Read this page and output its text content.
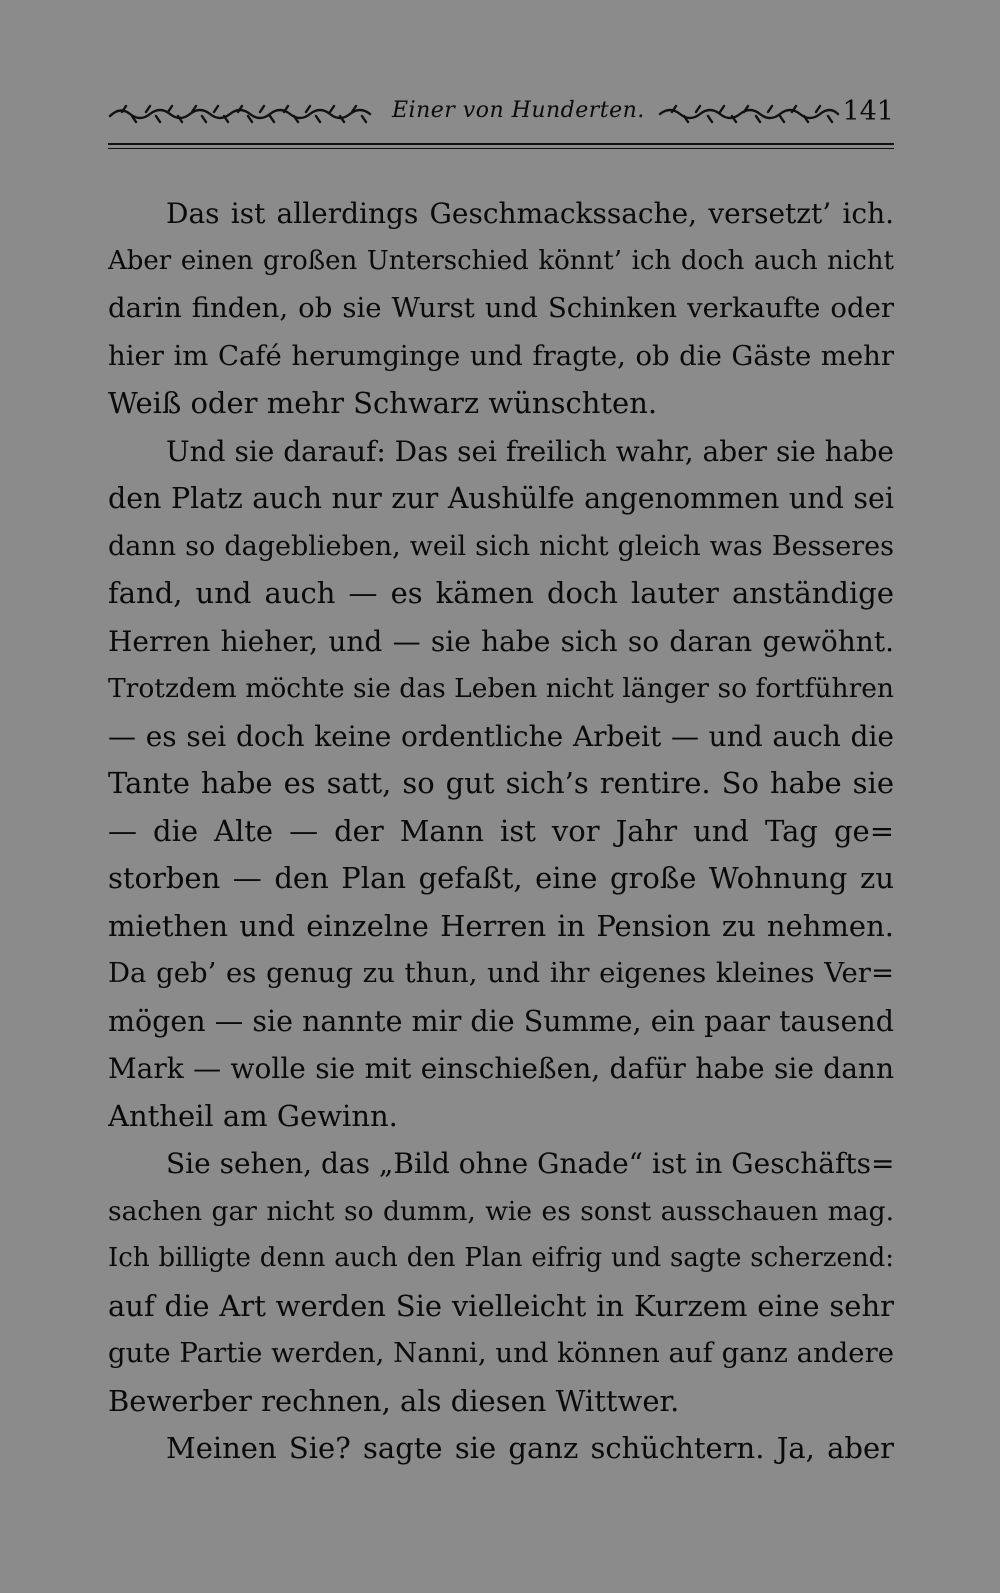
Einer von Hunderten.	141
Das ist allerdings Geschmackssache, versetzt’ ich.
Aber einen großen Unterschied könnt’ ich doch auch nicht
darin finden, ob sie Wurst und Schinken verkaufte oder
hier im Café herumginge und fragte, ob die Gäste mehr
Weiß oder mehr Schwarz wünschten.
Und sie darauf: Das sei freilich wahr, aber sie habe
den Platz auch nur zur Aushülfe angenommen und sei
dann so dageblieben, weil sich nicht gleich was Besseres
fand, und auch — es kämen doch lauter anständige
Herren hieher, und — sie habe sich so daran gewöhnt.
Trotzdem möchte sie das Leben nicht länger so fortführen
— es sei doch keine ordentliche Arbeit — und auch die
Tante habe es satt, so gut sich’s rentire. So habe sie
— die Alte — der Mann ist vor Jahr und Tag ge=
storben — den Plan gefaßt, eine große Wohnung zu
miethen und einzelne Herren in Pension zu nehmen.
Da geb’ es genug zu thun, und ihr eigenes kleines Ver=
mögen — sie nannte mir die Summe, ein paar tausend
Mark — wolle sie mit einschießen, dafür habe sie dann
Antheil am Gewinn.
Sie sehen, das „Bild ohne Gnade“ ist in Geschäfts=
sachen gar nicht so dumm, wie es sonst ausschauen mag.
Ich billigte denn auch den Plan eifrig und sagte scherzend:
auf die Art werden Sie vielleicht in Kurzem eine sehr
gute Partie werden, Nanni, und können auf ganz andere
Bewerber rechnen, als diesen Wittwer.
Meinen Sie? sagte sie ganz schüchtern. Ja, aber
